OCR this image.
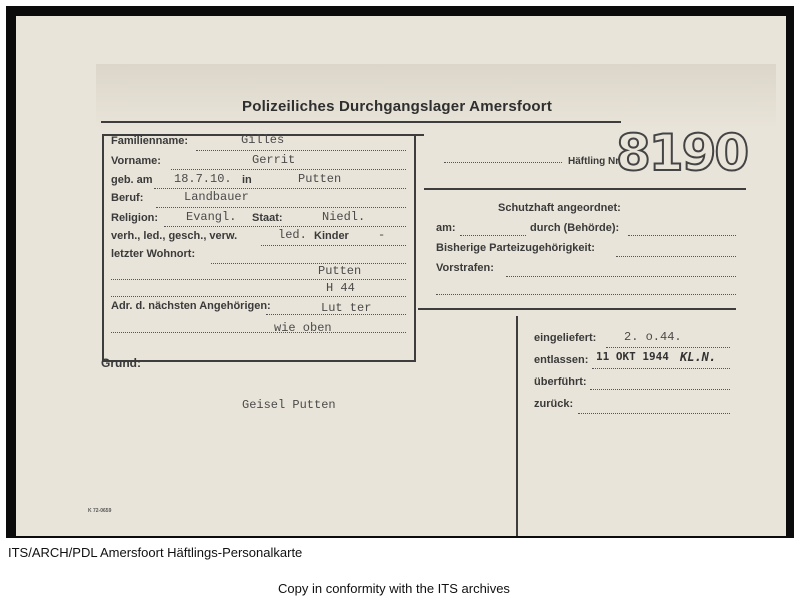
Polizeiliches Durchgangslager Amersfoort
8190
Familienname:	Gilles
Vorname:	Gerrit
geb. am 18.7.10. in	Putten
Beruf:	Landbauer
Religion: Evangl. Staat:	Niedl.
verh., led., gesch., verw.	led. Kinder -
letzter Wohnort:
Putten
H 44
Adr. d. nächsten Angehörigen:	Lut ter
wie oben
Grund:
Geisel Putten
Häftling Nr.
Schutzhaft angeordnet:
am:	durch (Behörde):
Bisherige Parteizugehörigkeit:
Vorstrafen:
eingeliefert: 2. o.44.
entlassen: 11 OKT 1944 KL.N.
überführt:
zurück:
K 72-0659
ITS/ARCH/PDL Amersfoort Häftlings-Personalkarte
Copy in conformity with the ITS archives
